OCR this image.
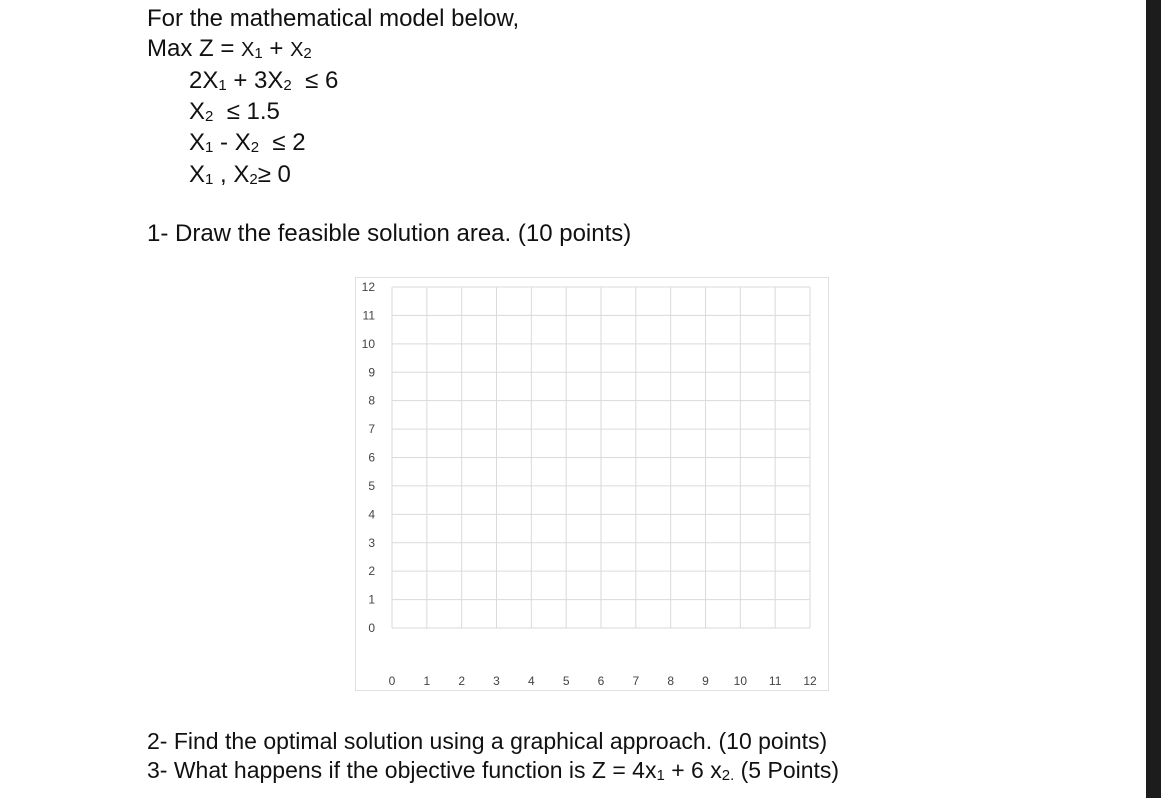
For the mathematical model below,
Max Z = X1 + X2
2X1 + 3X2  ≤ 6
X2  ≤ 1.5
X1 - X2  ≤ 2
X1 , X2≥ 0
1- Draw the feasible solution area. (10 points)
0
1
2
3
4
5
6
7
8
9
10
11
12
0 1 2 3 4 5 6 7 8 9 10 11 12
2- Find the optimal solution using a graphical approach. (10 points)
3- What happens if the objective function is Z = 4x1 + 6 x2. (5 Points)
